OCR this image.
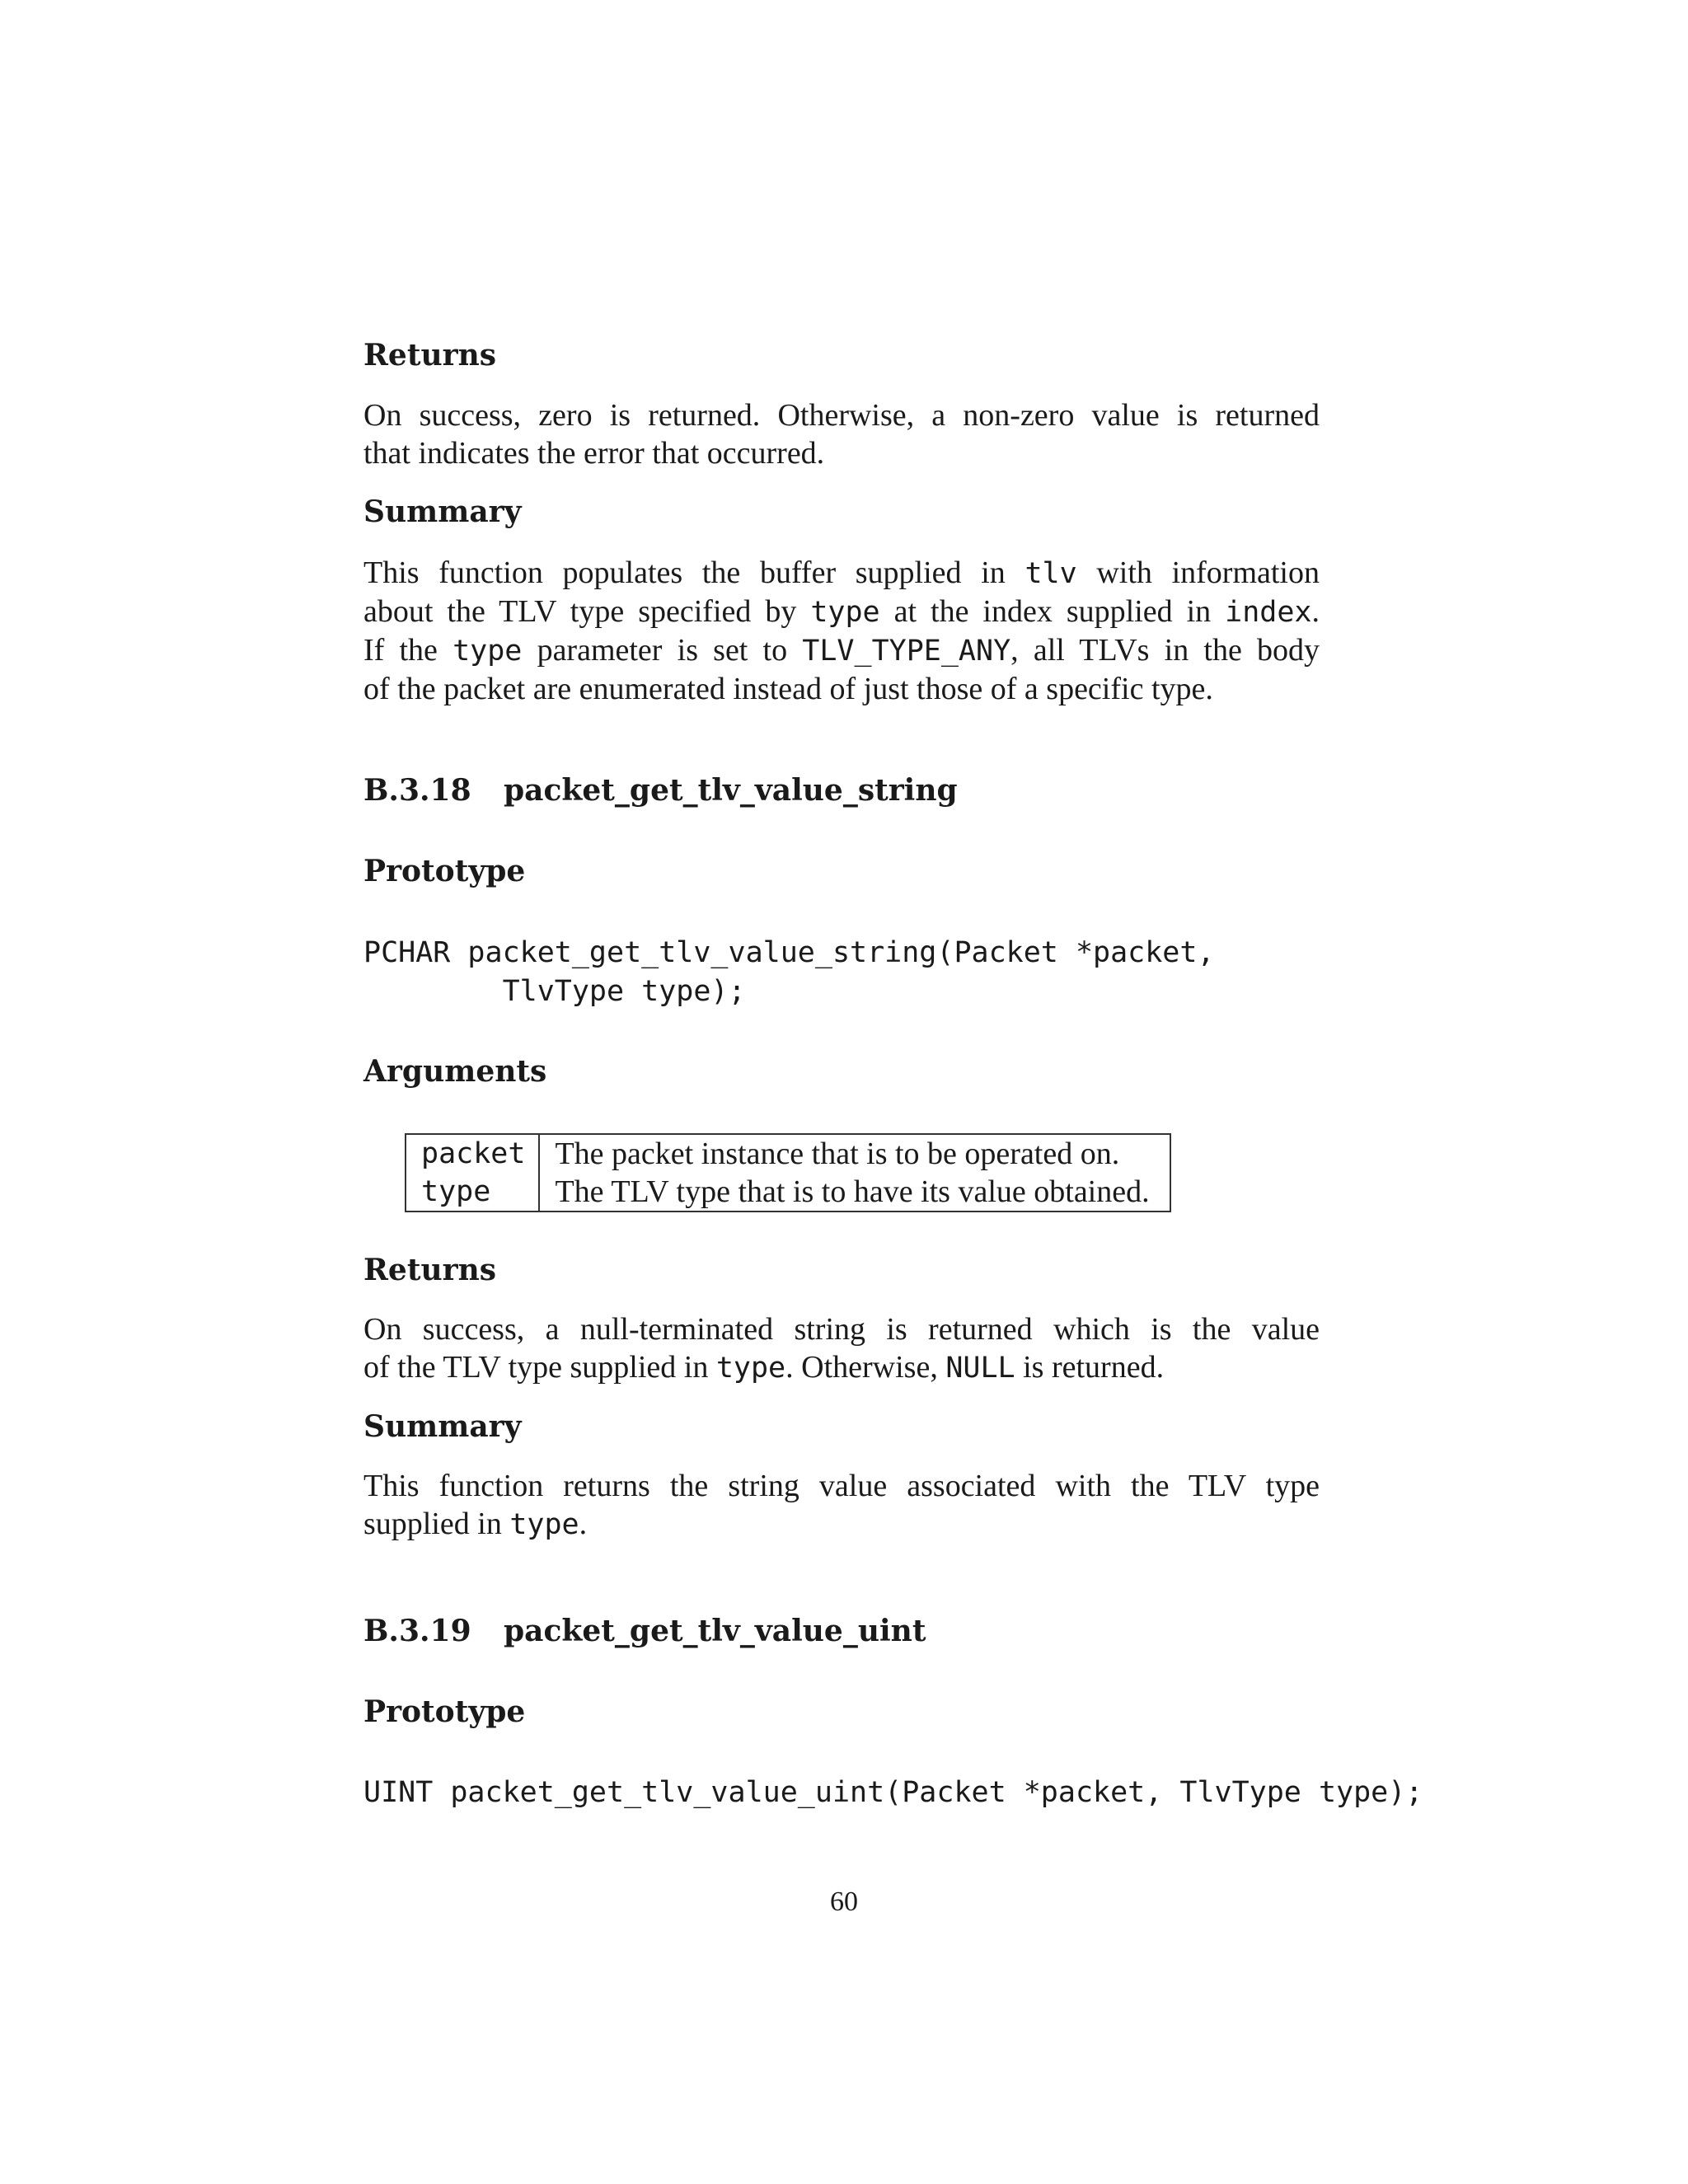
Returns
On success, zero is returned. Otherwise, a non-zero value is returned
that indicates the error that occurred.
Summary
This function populates the buffer supplied in tlv with information
about the TLV type specified by type at the index supplied in index.
If the type parameter is set to TLV_TYPE_ANY, all TLVs in the body
of the packet are enumerated instead of just those of a specific type.
B.3.18 packet_get_tlv_value_string
Prototype
PCHAR packet_get_tlv_value_string(Packet *packet,
TlvType type);
Arguments
packet	The packet instance that is to be operated on.
type	The TLV type that is to have its value obtained.
Returns
On success, a null-terminated string is returned which is the value
of the TLV type supplied in type. Otherwise, NULL is returned.
Summary
This function returns the string value associated with the TLV type
supplied in type.
B.3.19 packet_get_tlv_value_uint
Prototype
UINT packet_get_tlv_value_uint(Packet *packet, TlvType type);
60
